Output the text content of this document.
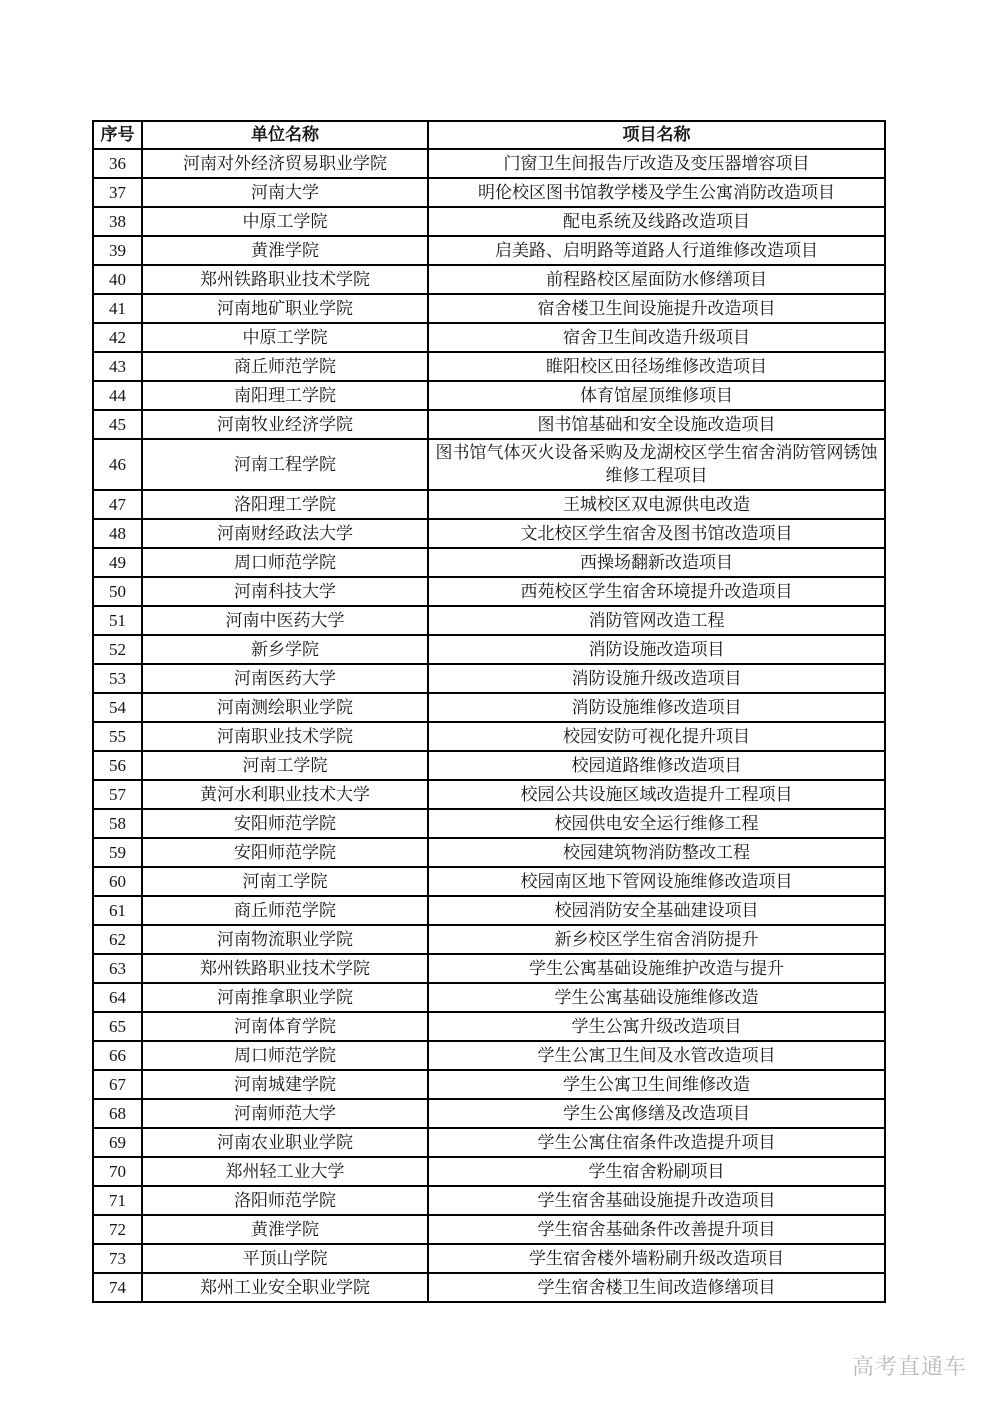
序号	单位名称	项目名称
36	河南对外经济贸易职业学院	门窗卫生间报告厅改造及变压器增容项目
37	河南大学	明伦校区图书馆教学楼及学生公寓消防改造项目
38	中原工学院	配电系统及线路改造项目
39	黄淮学院	启美路、启明路等道路人行道维修改造项目
40	郑州铁路职业技术学院	前程路校区屋面防水修缮项目
41	河南地矿职业学院	宿舍楼卫生间设施提升改造项目
42	中原工学院	宿舍卫生间改造升级项目
43	商丘师范学院	睢阳校区田径场维修改造项目
44	南阳理工学院	体育馆屋顶维修项目
45	河南牧业经济学院	图书馆基础和安全设施改造项目
46	河南工程学院	图书馆气体灭火设备采购及龙湖校区学生宿舍消防管网锈蚀维修工程项目
47	洛阳理工学院	王城校区双电源供电改造
48	河南财经政法大学	文北校区学生宿舍及图书馆改造项目
49	周口师范学院	西操场翻新改造项目
50	河南科技大学	西苑校区学生宿舍环境提升改造项目
51	河南中医药大学	消防管网改造工程
52	新乡学院	消防设施改造项目
53	河南医药大学	消防设施升级改造项目
54	河南测绘职业学院	消防设施维修改造项目
55	河南职业技术学院	校园安防可视化提升项目
56	河南工学院	校园道路维修改造项目
57	黄河水利职业技术大学	校园公共设施区域改造提升工程项目
58	安阳师范学院	校园供电安全运行维修工程
59	安阳师范学院	校园建筑物消防整改工程
60	河南工学院	校园南区地下管网设施维修改造项目
61	商丘师范学院	校园消防安全基础建设项目
62	河南物流职业学院	新乡校区学生宿舍消防提升
63	郑州铁路职业技术学院	学生公寓基础设施维护改造与提升
64	河南推拿职业学院	学生公寓基础设施维修改造
65	河南体育学院	学生公寓升级改造项目
66	周口师范学院	学生公寓卫生间及水管改造项目
67	河南城建学院	学生公寓卫生间维修改造
68	河南师范大学	学生公寓修缮及改造项目
69	河南农业职业学院	学生公寓住宿条件改造提升项目
70	郑州轻工业大学	学生宿舍粉刷项目
71	洛阳师范学院	学生宿舍基础设施提升改造项目
72	黄淮学院	学生宿舍基础条件改善提升项目
73	平顶山学院	学生宿舍楼外墙粉刷升级改造项目
74	郑州工业安全职业学院	学生宿舍楼卫生间改造修缮项目
高考直通车
